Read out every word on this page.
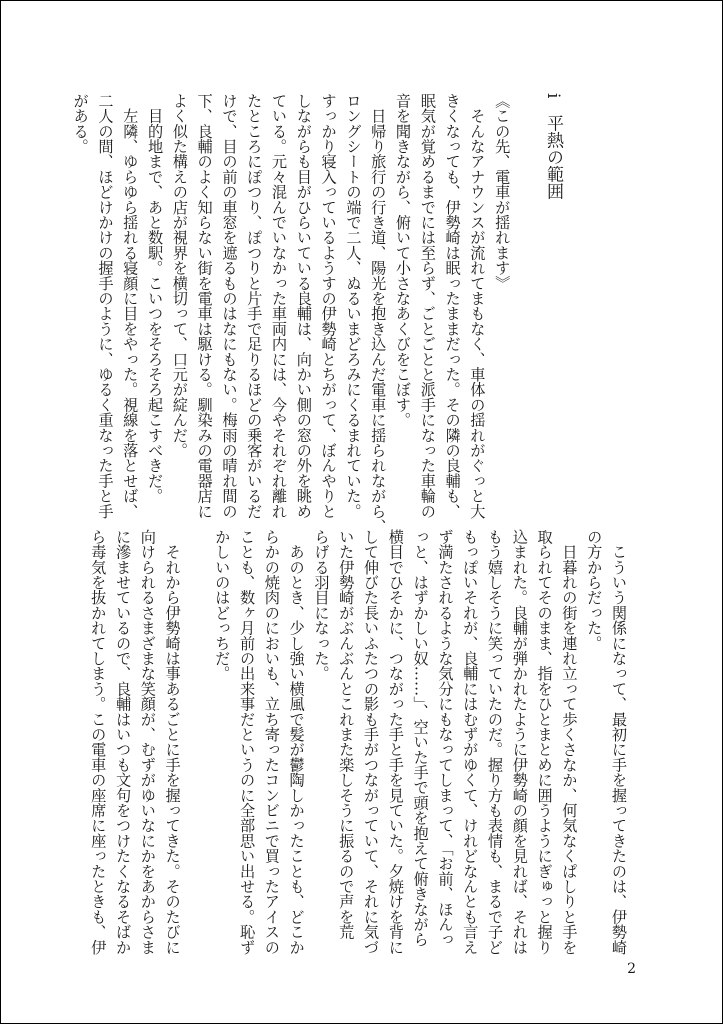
i平熱の範囲

《この先、電車が揺れます》

　そんなアナウンスが流れてまもなく、車体の揺れがぐっと大

きくなっても、伊勢崎は眠ったままだった。その隣の良輔も、

眠気が覚めるまでには至らず、ごとごとと派手になった車輪の

音を聞きながら、俯いて小さなあくびをこぼす。

　日帰り旅行の行き道、陽光を抱き込んだ電車に揺られながら、

ロングシートの端で二人、ぬるいまどろみにくるまれていた。

すっかり寝入っているようすの伊勢崎とちがって、ぼんやりと

しながらも目がひらいている良輔は、向かい側の窓の外を眺め

ている。元々混んでいなかった車両内には、今やそれぞれ離れ

たところにぽつり、ぽつりと片手で足りるほどの乗客がいるだ

けで、目の前の車窓を遮るものはなにもない。梅雨の晴れ間の

下、良輔のよく知らない街を電車は駆ける。馴染みの電器店に

よく似た構えの店が視界を横切って、口元が綻んだ。

　目的地まで、あと数駅。こいつをそろそろ起こすべきだ。

　左隣、ゆらゆら揺れる寝顔に目をやった。視線を落とせば、

二人の間、ほどけかけの握手のように、ゆるく重なった手と手

がある。

　こういう関係になって、最初に手を握ってきたのは、伊勢崎

の方からだった。

　日暮れの街を連れ立って歩くさなか、何気なくぱしりと手を

取られてそのまま、指をひとまとめに囲うようにぎゅっと握り

込まれた。良輔が弾かれたように伊勢崎の顔を見れば、それは

もう嬉しそうに笑っていたのだ。握り方も表情も、まるで子ど

もっぽいそれが、良輔にはむずがゆくて、けれどなんとも言え

ず満たされるような気分にもなってしまって、「お前、ほんっ

っと、はずかしい奴……」、空いた手で頭を抱えて俯きながら

横目でひそかに、つながった手と手を見ていた。夕焼けを背に

して伸びた長いふたつの影も手がつながっていて、それに気づ

いた伊勢崎がぶんぶんとこれまた楽しそうに振るので声を荒

らげる羽目になった。

　あのとき、少し強い横風で髪が鬱陶しかったことも、どこか

らかの焼肉のにおいも、立ち寄ったコンビニで買ったアイスの

ことも、数ヶ月前の出来事だというのに全部思い出せる。恥ず

かしいのはどっちだ。

　それから伊勢崎は事あるごとに手を握ってきた。そのたびに

向けられるさまざまな笑顔が、むずがゆいなにかをあからさま

に滲ませているので、良輔はいつも文句をつけたくなるそばか

ら毒気を抜かれてしまう。この電車の座席に座ったときも、伊

2
